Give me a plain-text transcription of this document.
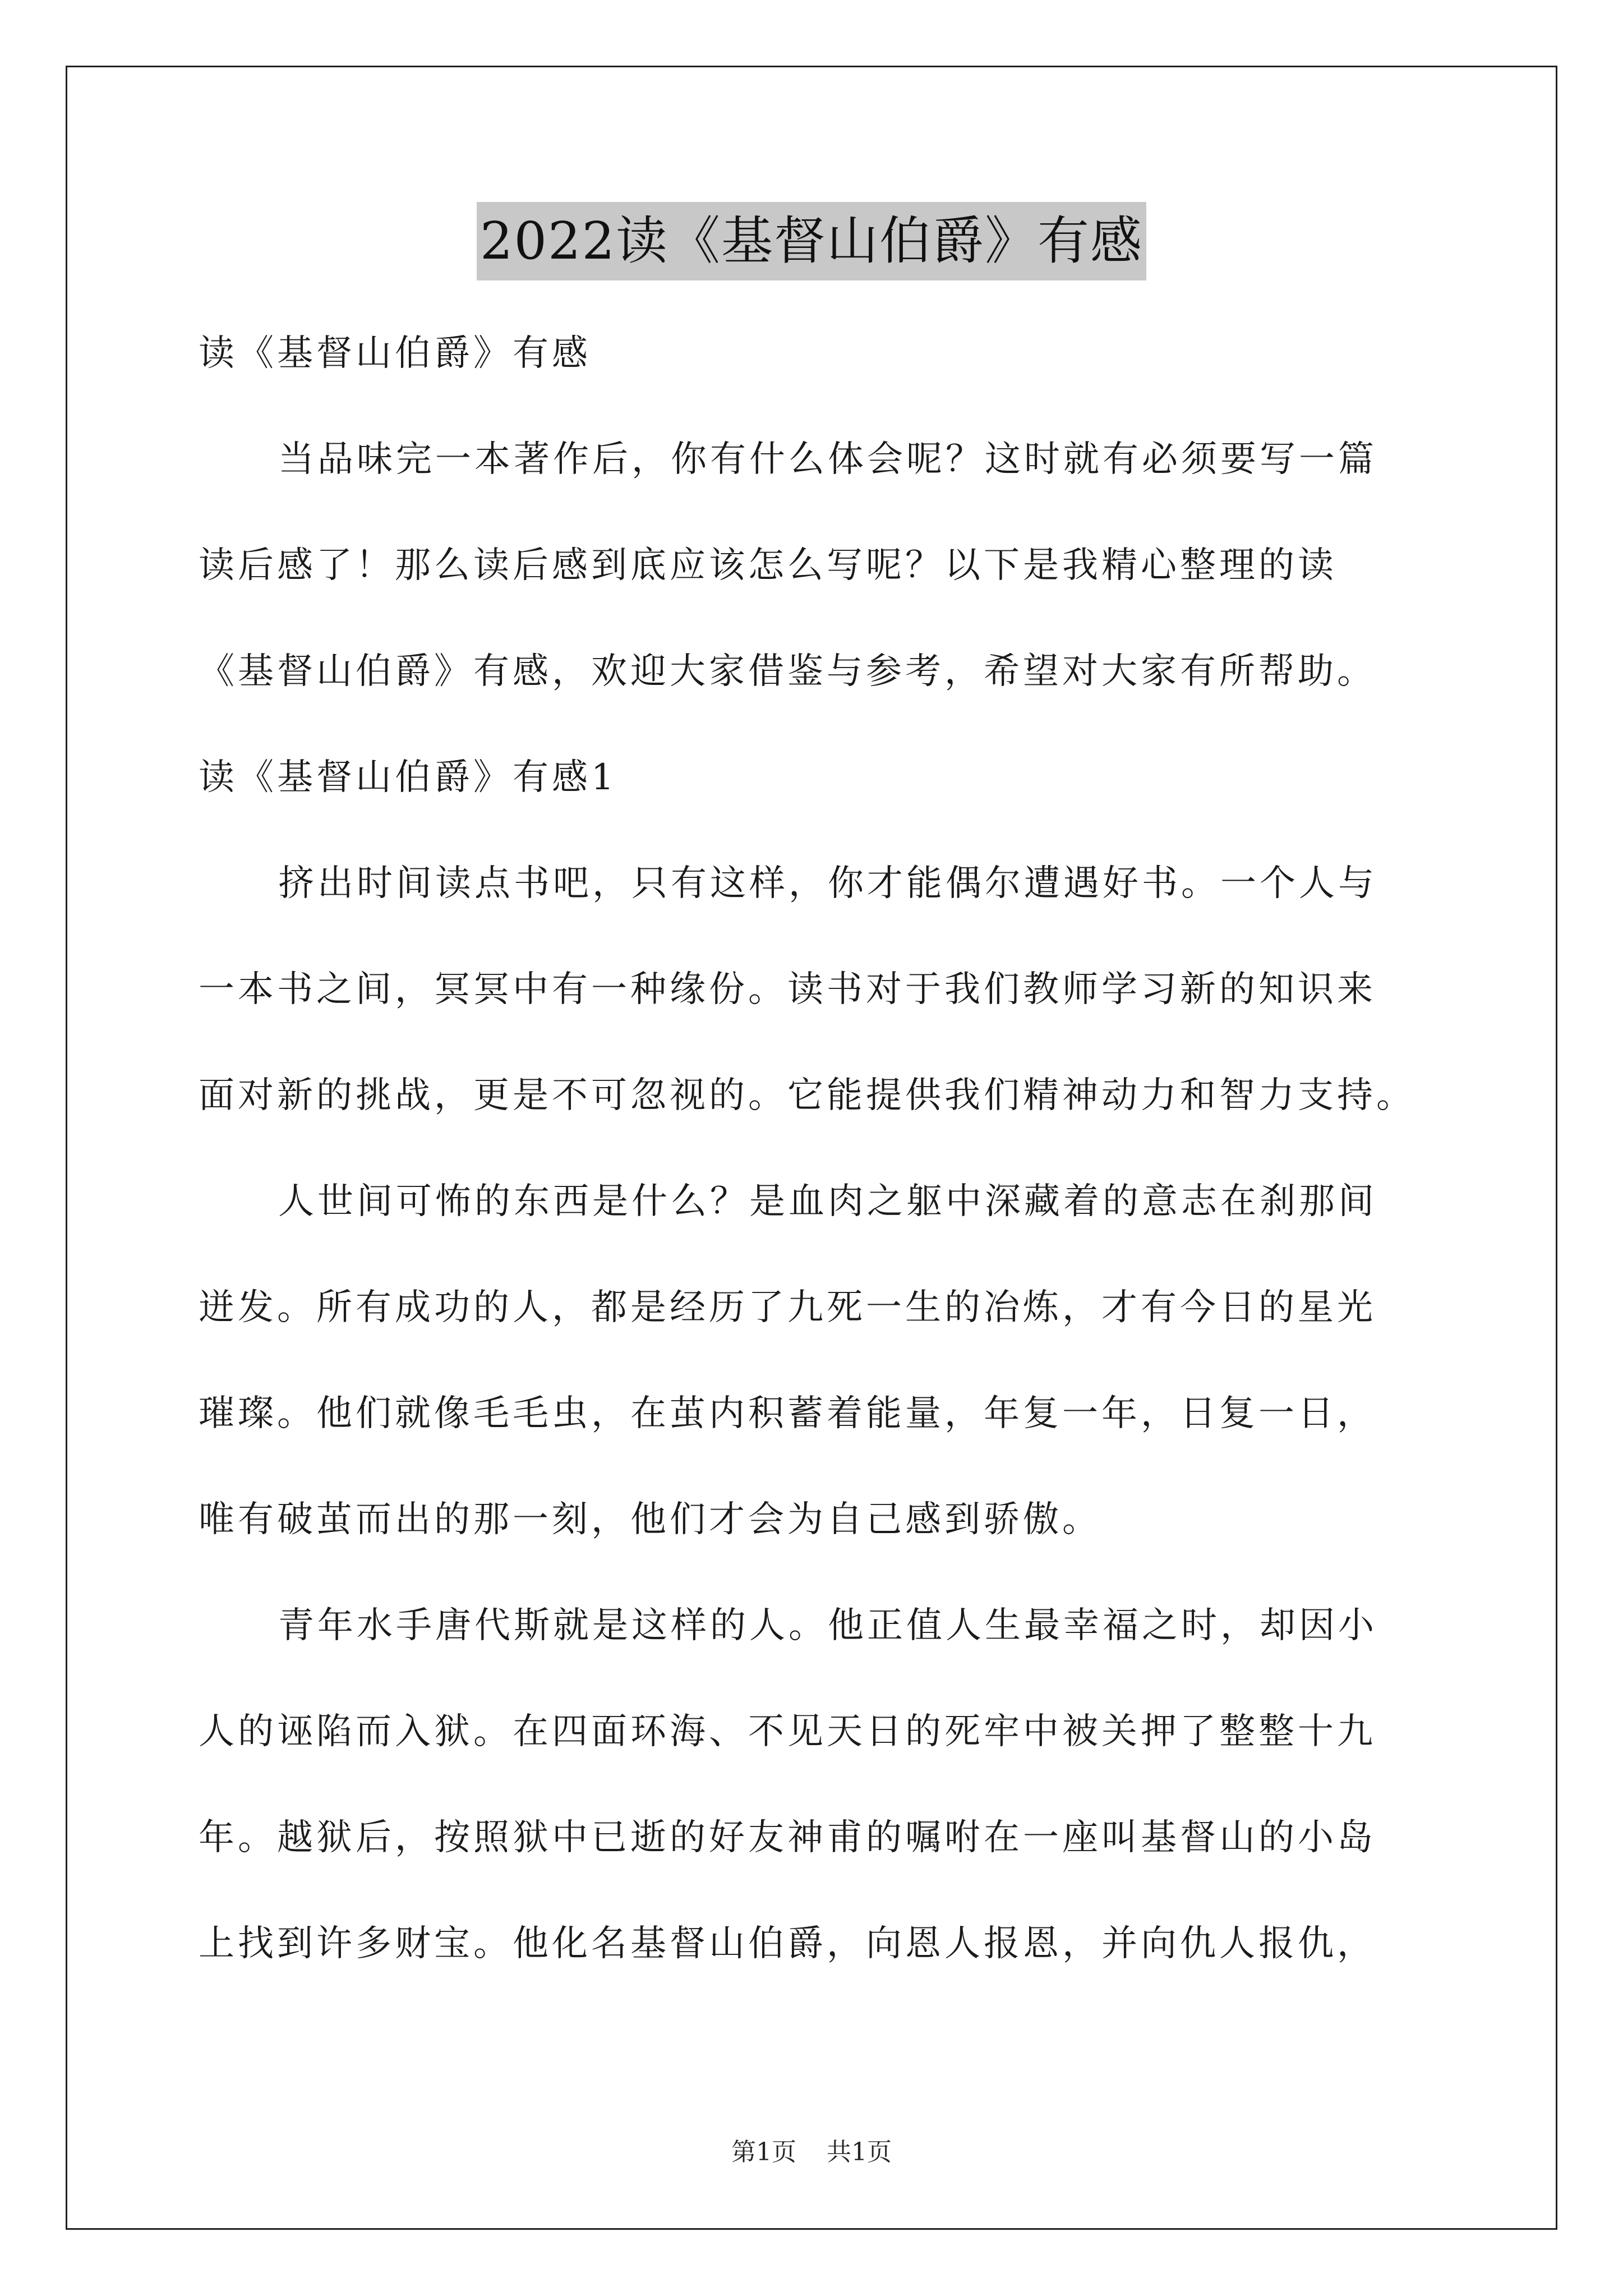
2022读《基督山伯爵》有感
读《基督山伯爵》有感
当品味完一本著作后，你有什么体会呢？这时就有必须要写一篇
读后感了！那么读后感到底应该怎么写呢？以下是我精心整理的读
《基督山伯爵》有感，欢迎大家借鉴与参考，希望对大家有所帮助。
读《基督山伯爵》有感1
挤出时间读点书吧，只有这样，你才能偶尔遭遇好书。一个人与
一本书之间，冥冥中有一种缘份。读书对于我们教师学习新的知识来
面对新的挑战，更是不可忽视的。它能提供我们精神动力和智力支持。
人世间可怖的东西是什么？是血肉之躯中深藏着的意志在刹那间
迸发。所有成功的人，都是经历了九死一生的冶炼，才有今日的星光
璀璨。他们就像毛毛虫，在茧内积蓄着能量，年复一年，日复一日，
唯有破茧而出的那一刻，他们才会为自己感到骄傲。
青年水手唐代斯就是这样的人。他正值人生最幸福之时，却因小
人的诬陷而入狱。在四面环海、不见天日的死牢中被关押了整整十九
年。越狱后，按照狱中已逝的好友神甫的嘱咐在一座叫基督山的小岛
上找到许多财宝。他化名基督山伯爵，向恩人报恩，并向仇人报仇，
第1页 共1页
